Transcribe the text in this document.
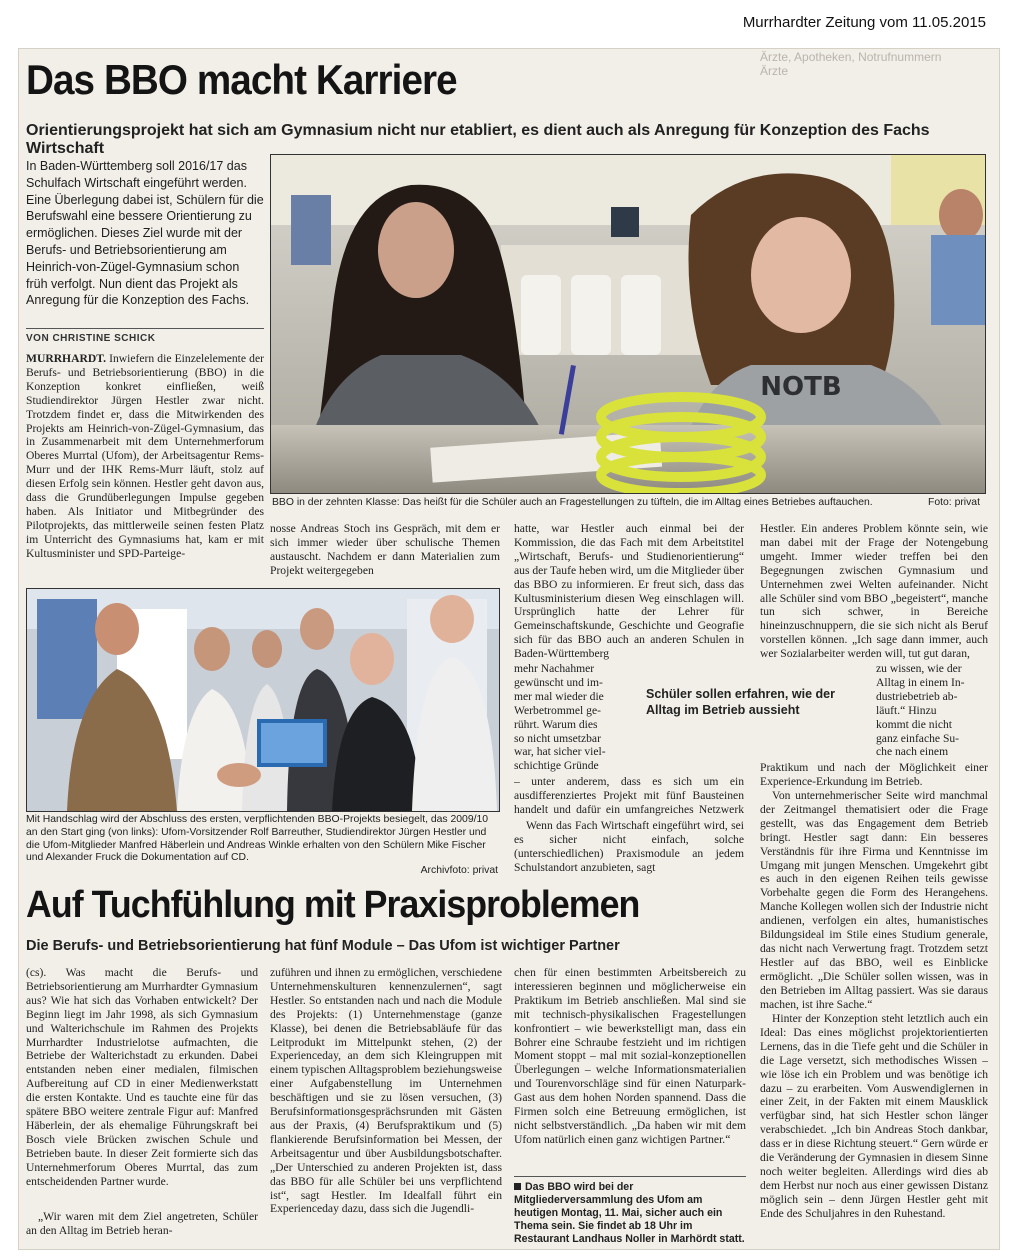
Murrhardter Zeitung vom 11.05.2015
Ärzte, Apotheken, Notrufnummern
Ärzte
Das BBO macht Karriere
Orientierungsprojekt hat sich am Gymnasium nicht nur etabliert, es dient auch als Anregung für Konzeption des Fachs Wirtschaft
In Baden-Württemberg soll 2016/17 das Schulfach Wirtschaft eingeführt werden. Eine Überlegung dabei ist, Schülern für die Berufswahl eine bessere Orientierung zu ermöglichen. Dieses Ziel wurde mit der Berufs- und Betriebsorientierung am Heinrich-von-Zügel-Gymnasium schon früh verfolgt. Nun dient das Projekt als Anregung für die Konzeption des Fachs.
VON CHRISTINE SCHICK
MURRHARDT. Inwiefern die Einzelelemente der Berufs- und Betriebsorientierung (BBO) in die Konzeption konkret einfließen, weiß Studiendirektor Jürgen Hestler zwar nicht. Trotzdem findet er, dass die Mitwirkenden des Projekts am Heinrich-von-Zügel-Gymnasium, das in Zusammenarbeit mit dem Unternehmerforum Oberes Murrtal (Ufom), der Arbeitsagentur Rems-Murr und der IHK Rems-Murr läuft, stolz auf diesen Erfolg sein können. Hestler geht davon aus, dass die Grundüberlegungen Impulse gegeben haben. Als Initiator und Mitbegründer des Pilotprojekts, das mittlerweile seinen festen Platz im Unterricht des Gymnasiums hat, kam er mit Kultusminister und SPD-Parteige-
NOTB
BBO in der zehnten Klasse: Das heißt für die Schüler auch an Fragestellungen zu tüfteln, die im Alltag eines Betriebes auftauchen.	Foto: privat
nosse Andreas Stoch ins Gespräch, mit dem er sich immer wieder über schulische Themen austauscht. Nachdem er dann Materialien zum Projekt weitergegeben
hatte, war Hestler auch einmal bei der Kommission, die das Fach mit dem Arbeitstitel „Wirtschaft, Berufs- und Studienorientierung“ aus der Taufe heben wird, um die Mitglieder über das BBO zu informieren. Er freut sich, dass das Kultusministerium diesen Weg einschlagen will. Ursprünglich hatte der Lehrer für Gemeinschaftskunde, Geschichte und Geografie sich für das BBO auch an anderen Schulen in Baden-Württemberg
mehr Nachahmer
gewünscht und im-
mer mal wieder die
Werbetrommel ge-
rührt. Warum dies
so nicht umsetzbar
war, hat sicher viel-
schichtige Gründe
– unter anderem, dass es sich um ein ausdifferenziertes Projekt mit fünf Bausteinen handelt und dafür ein umfangreiches Netzwerk
Wenn das Fach Wirtschaft eingeführt wird, sei es sicher nicht einfach, solche (unterschiedlichen) Praxismodule an jedem Schulstandort anzubieten, sagt
Schüler sollen erfahren, wie der Alltag im Betrieb aussieht
Hestler. Ein anderes Problem könnte sein, wie man dabei mit der Frage der Notengebung umgeht. Immer wieder treffen bei den Begegnungen zwischen Gymnasium und Unternehmen zwei Welten aufeinander. Nicht alle Schüler sind vom BBO „begeistert“, manche tun sich schwer, in Bereiche hineinzuschnuppern, die sie sich nicht als Beruf vorstellen können. „Ich sage dann immer, auch wer Sozialarbeiter werden will, tut gut daran,
zu wissen, wie der
Alltag in einem In-
dustriebetrieb ab-
läuft.“ Hinzu
kommt die nicht
ganz einfache Su-
che nach einem
Praktikum und nach der Möglichkeit einer Experience-Erkundung im Betrieb.
Von unternehmerischer Seite wird manchmal der Zeitmangel thematisiert oder die Frage gestellt, was das Engagement dem Betrieb bringt. Hestler sagt dann: Ein besseres Verständnis für ihre Firma und Kenntnisse im Umgang mit jungen Menschen. Umgekehrt gibt es auch in den eigenen Reihen teils gewisse Vorbehalte gegen die Form des Herangehens. Manche Kollegen wollen sich der Industrie nicht andienen, verfolgen ein altes, humanistisches Bildungsideal im Stile eines Studium generale, das nicht nach Verwertung fragt. Trotzdem setzt Hestler auf das BBO, weil es Einblicke ermöglicht. „Die Schüler sollen wissen, was in den Betrieben im Alltag passiert. Was sie daraus machen, ist ihre Sache.“
Hinter der Konzeption steht letztlich auch ein Ideal: Das eines möglichst projektorientierten Lernens, das in die Tiefe geht und die Schüler in die Lage versetzt, sich methodisches Wissen – wie löse ich ein Problem und was benötige ich dazu – zu erarbeiten. Vom Auswendiglernen in einer Zeit, in der Fakten mit einem Mausklick verfügbar sind, hat sich Hestler schon länger verabschiedet. „Ich bin Andreas Stoch dankbar, dass er in diese Richtung steuert.“ Gern würde er die Veränderung der Gymnasien in diesem Sinne noch weiter begleiten. Allerdings wird dies ab dem Herbst nur noch aus einer gewissen Distanz möglich sein – denn Jürgen Hestler geht mit Ende des Schuljahres in den Ruhestand.
Mit Handschlag wird der Abschluss des ersten, verpflichtenden BBO-Projekts besiegelt, das 2009/10 an den Start ging (von links): Ufom-Vorsitzender Rolf Barreuther, Studiendirektor Jürgen Hestler und die Ufom-Mitglieder Manfred Häberlein und Andreas Winkle erhalten von den Schülern Mike Fischer und Alexander Fruck die Dokumentation auf CD.
Archivfoto: privat
Auf Tuchfühlung mit Praxisproblemen
Die Berufs- und Betriebsorientierung hat fünf Module – Das Ufom ist wichtiger Partner
(cs). Was macht die Berufs- und Betriebsorientierung am Murrhardter Gymnasium aus? Wie hat sich das Vorhaben entwickelt? Der Beginn liegt im Jahr 1998, als sich Gymnasium und Walterichschule im Rahmen des Projekts Murrhardter Industrielotse aufmachten, die Betriebe der Walterichstadt zu erkunden. Dabei entstanden neben einer medialen, filmischen Aufbereitung auf CD in einer Medienwerkstatt die ersten Kontakte. Und es tauchte eine für das spätere BBO weitere zentrale Figur auf: Manfred Häberlein, der als ehemalige Führungskraft bei Bosch viele Brücken zwischen Schule und Betrieben baute. In dieser Zeit formierte sich das Unternehmerforum Oberes Murrtal, das zum entscheidenden Partner wurde.
„Wir waren mit dem Ziel angetreten, Schüler an den Alltag im Betrieb heran-
zuführen und ihnen zu ermöglichen, verschiedene Unternehmenskulturen kennenzulernen“, sagt Hestler. So entstanden nach und nach die Module des Projekts: (1) Unternehmenstage (ganze Klasse), bei denen die Betriebsabläufe für das Leitprodukt im Mittelpunkt stehen, (2) der Experienceday, an dem sich Kleingruppen mit einem typischen Alltagsproblem beziehungsweise einer Aufgabenstellung im Unternehmen beschäftigen und sie zu lösen versuchen, (3) Berufsinformationsgesprächsrunden mit Gästen aus der Praxis, (4) Berufspraktikum und (5) flankierende Berufsinformation bei Messen, der Arbeitsagentur und über Ausbildungsbotschafter. „Der Unterschied zu anderen Projekten ist, dass das BBO für alle Schüler bei uns verpflichtend ist“, sagt Hestler. Im Idealfall führt ein Experienceday dazu, dass sich die Jugendli-
chen für einen bestimmten Arbeitsbereich zu interessieren beginnen und möglicherweise ein Praktikum im Betrieb anschließen. Mal sind sie mit technisch-physikalischen Fragestellungen konfrontiert – wie bewerkstelligt man, dass ein Bohrer eine Schraube festzieht und im richtigen Moment stoppt – mal mit sozial-konzeptionellen Überlegungen – welche Informationsmaterialien und Tourenvorschläge sind für einen Naturpark-Gast aus dem hohen Norden spannend. Dass die Firmen solch eine Betreuung ermöglichen, ist nicht selbstverständlich. „Da haben wir mit dem Ufom natürlich einen ganz wichtigen Partner.“
Das BBO wird bei der Mitgliederversammlung des Ufom am heutigen Montag, 11. Mai, sicher auch ein Thema sein. Sie findet ab 18 Uhr im Restaurant Landhaus Noller in Marhördt statt.
